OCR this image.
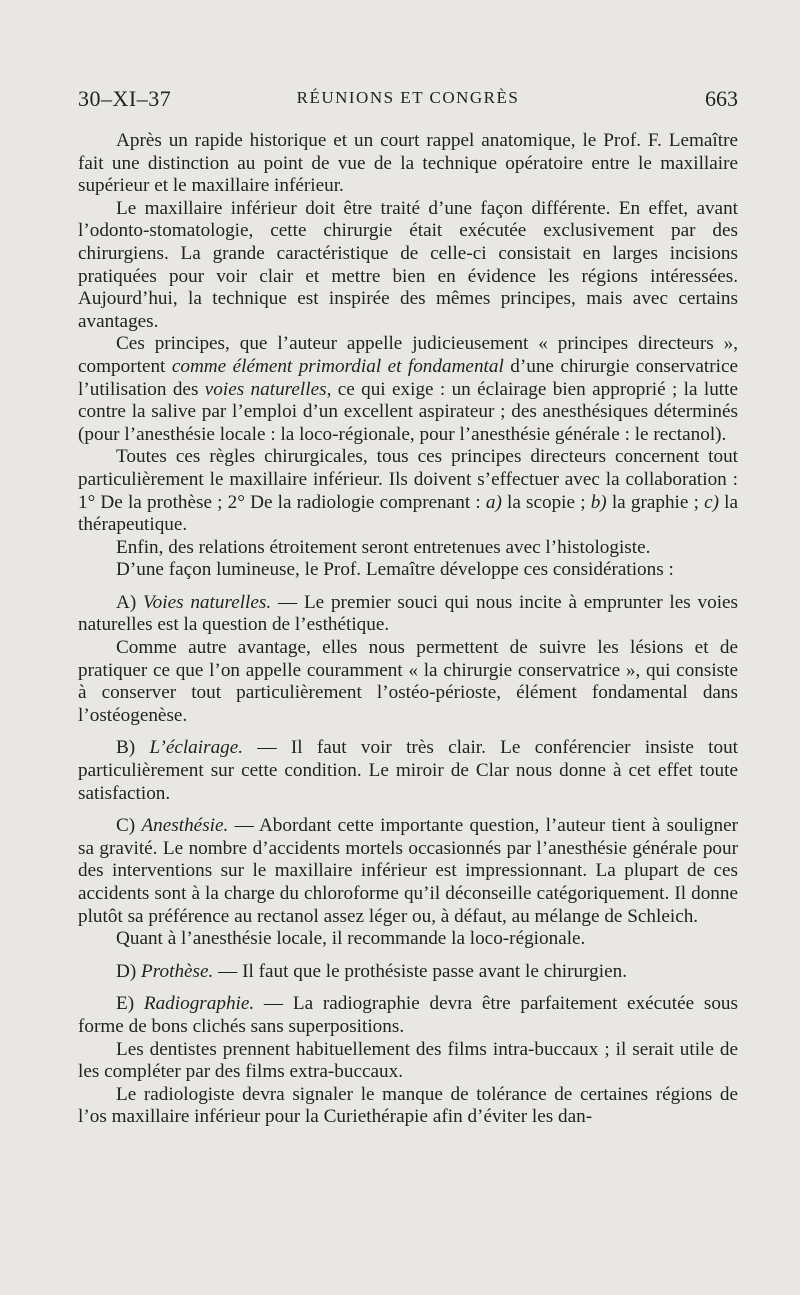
30–XI–37	RÉUNIONS ET CONGRÈS	663

Après un rapide historique et un court rappel anatomique, le Prof. F. Lemaître fait une distinction au point de vue de la technique opératoire entre le maxillaire supérieur et le maxillaire inférieur.

Le maxillaire inférieur doit être traité d’une façon différente. En effet, avant l’odonto-stomatologie, cette chirurgie était exécutée exclusivement par des chirurgiens. La grande caractéristique de celle-ci consistait en larges incisions pratiquées pour voir clair et mettre bien en évidence les régions intéressées. Aujourd’hui, la technique est inspirée des mêmes principes, mais avec certains avantages.

Ces principes, que l’auteur appelle judicieusement « principes directeurs », comportent comme élément primordial et fondamental d’une chirurgie conservatrice l’utilisation des voies naturelles, ce qui exige : un éclairage bien approprié ; la lutte contre la salive par l’emploi d’un excellent aspirateur ; des anesthésiques déterminés (pour l’anesthésie locale : la loco-régionale, pour l’anesthésie générale : le rectanol).

Toutes ces règles chirurgicales, tous ces principes directeurs concernent tout particulièrement le maxillaire inférieur. Ils doivent s’effectuer avec la collaboration : 1° De la prothèse ; 2° De la radiologie comprenant : a) la scopie ; b) la graphie ; c) la thérapeutique.

Enfin, des relations étroitement seront entretenues avec l’histologiste.

D’une façon lumineuse, le Prof. Lemaître développe ces considérations :

A) Voies naturelles. — Le premier souci qui nous incite à emprunter les voies naturelles est la question de l’esthétique.

Comme autre avantage, elles nous permettent de suivre les lésions et de pratiquer ce que l’on appelle couramment « la chirurgie conservatrice », qui consiste à conserver tout particulièrement l’ostéo-périoste, élément fondamental dans l’ostéogenèse.

B) L’éclairage. — Il faut voir très clair. Le conférencier insiste tout particulièrement sur cette condition. Le miroir de Clar nous donne à cet effet toute satisfaction.

C) Anesthésie. — Abordant cette importante question, l’auteur tient à souligner sa gravité. Le nombre d’accidents mortels occasionnés par l’anesthésie générale pour des interventions sur le maxillaire inférieur est impressionnant. La plupart de ces accidents sont à la charge du chloroforme qu’il déconseille catégoriquement. Il donne plutôt sa préférence au rectanol assez léger ou, à défaut, au mélange de Schleich.

Quant à l’anesthésie locale, il recommande la loco-régionale.

D) Prothèse. — Il faut que le prothésiste passe avant le chirurgien.

E) Radiographie. — La radiographie devra être parfaitement exécutée sous forme de bons clichés sans superpositions.

Les dentistes prennent habituellement des films intra-buccaux ; il serait utile de les compléter par des films extra-buccaux.

Le radiologiste devra signaler le manque de tolérance de certaines régions de l’os maxillaire inférieur pour la Curiethérapie afin d’éviter les dan-
